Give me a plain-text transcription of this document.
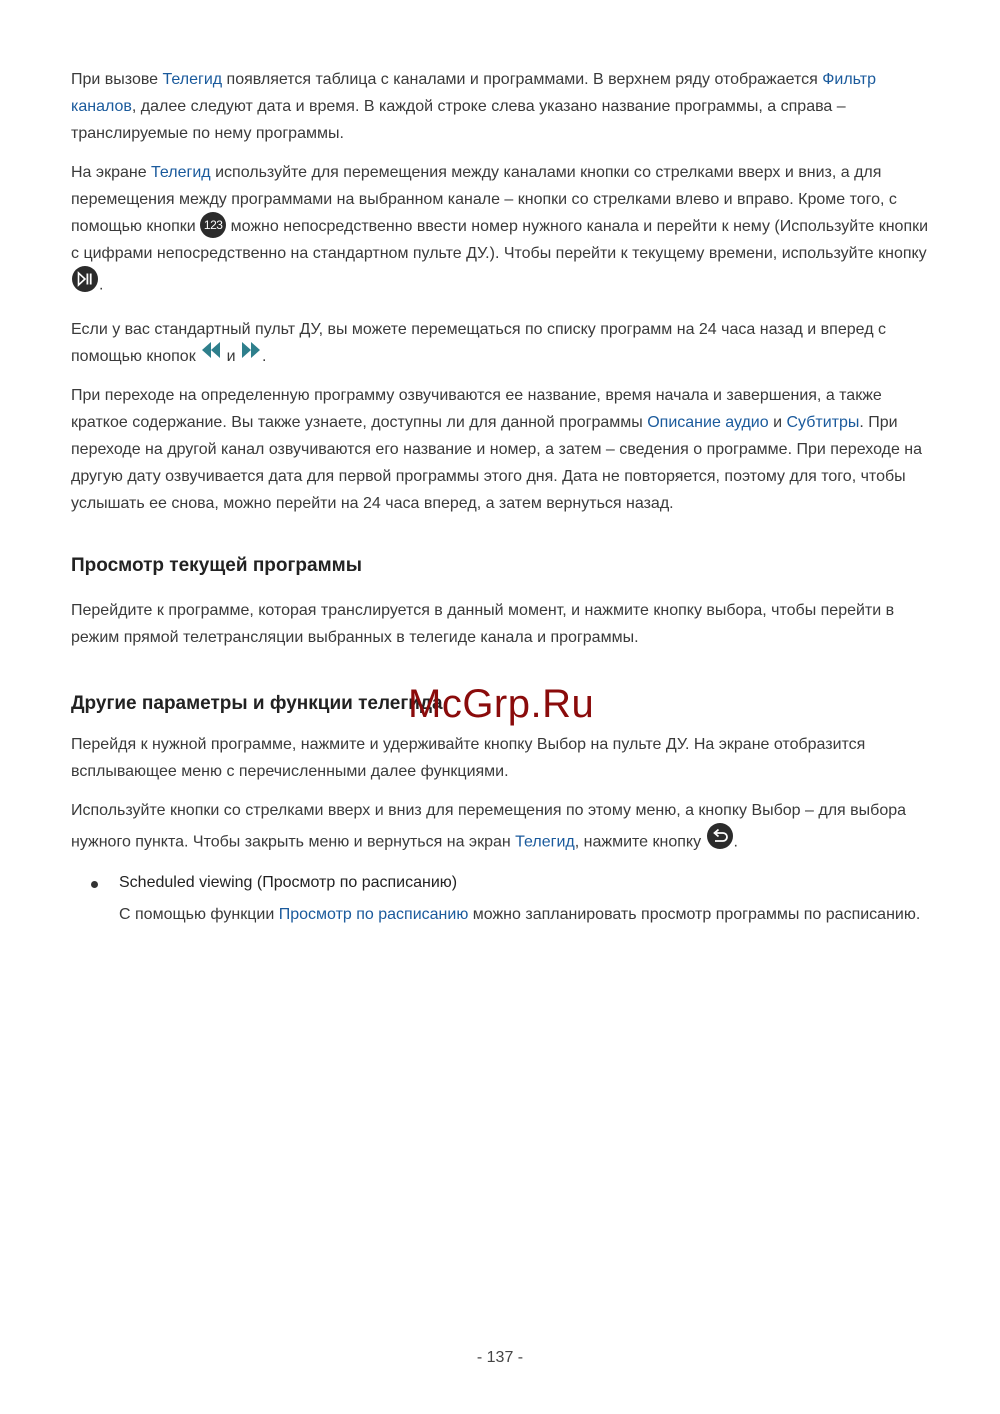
При вызове Телегид появляется таблица с каналами и программами. В верхнем ряду отображается Фильтр каналов, далее следуют дата и время. В каждой строке слева указано название программы, а справа – транслируемые по нему программы.

На экране Телегид используйте для перемещения между каналами кнопки со стрелками вверх и вниз, а для перемещения между программами на выбранном канале – кнопки со стрелками влево и вправо. Кроме того, с помощью кнопки 123 можно непосредственно ввести номер нужного канала и перейти к нему (Используйте кнопки с цифрами непосредственно на стандартном пульте ДУ.). Чтобы перейти к текущему времени, используйте кнопку .

Если у вас стандартный пульт ДУ, вы можете перемещаться по списку программ на 24 часа назад и вперед с помощью кнопок  и .

При переходе на определенную программу озвучиваются ее название, время начала и завершения, а также краткое содержание. Вы также узнаете, доступны ли для данной программы Описание аудио и Субтитры. При переходе на другой канал озвучиваются его название и номер, а затем – сведения о программе. При переходе на другую дату озвучивается дата для первой программы этого дня. Дата не повторяется, поэтому для того, чтобы услышать ее снова, можно перейти на 24 часа вперед, а затем вернуться назад.

Просмотр текущей программы

Перейдите к программе, которая транслируется в данный момент, и нажмите кнопку выбора, чтобы перейти в режим прямой телетрансляции выбранных в телегиде канала и программы.

Другие параметры и функции телегида

Перейдя к нужной программе, нажмите и удерживайте кнопку Выбор на пульте ДУ. На экране отобразится всплывающее меню с перечисленными далее функциями.

Используйте кнопки со стрелками вверх и вниз для перемещения по этому меню, а кнопку Выбор – для выбора нужного пункта. Чтобы закрыть меню и вернуться на экран Телегид, нажмите кнопку .

Scheduled viewing (Просмотр по расписанию)
С помощью функции Просмотр по расписанию можно запланировать просмотр программы по расписанию.
McGrp.Ru
- 137 -
